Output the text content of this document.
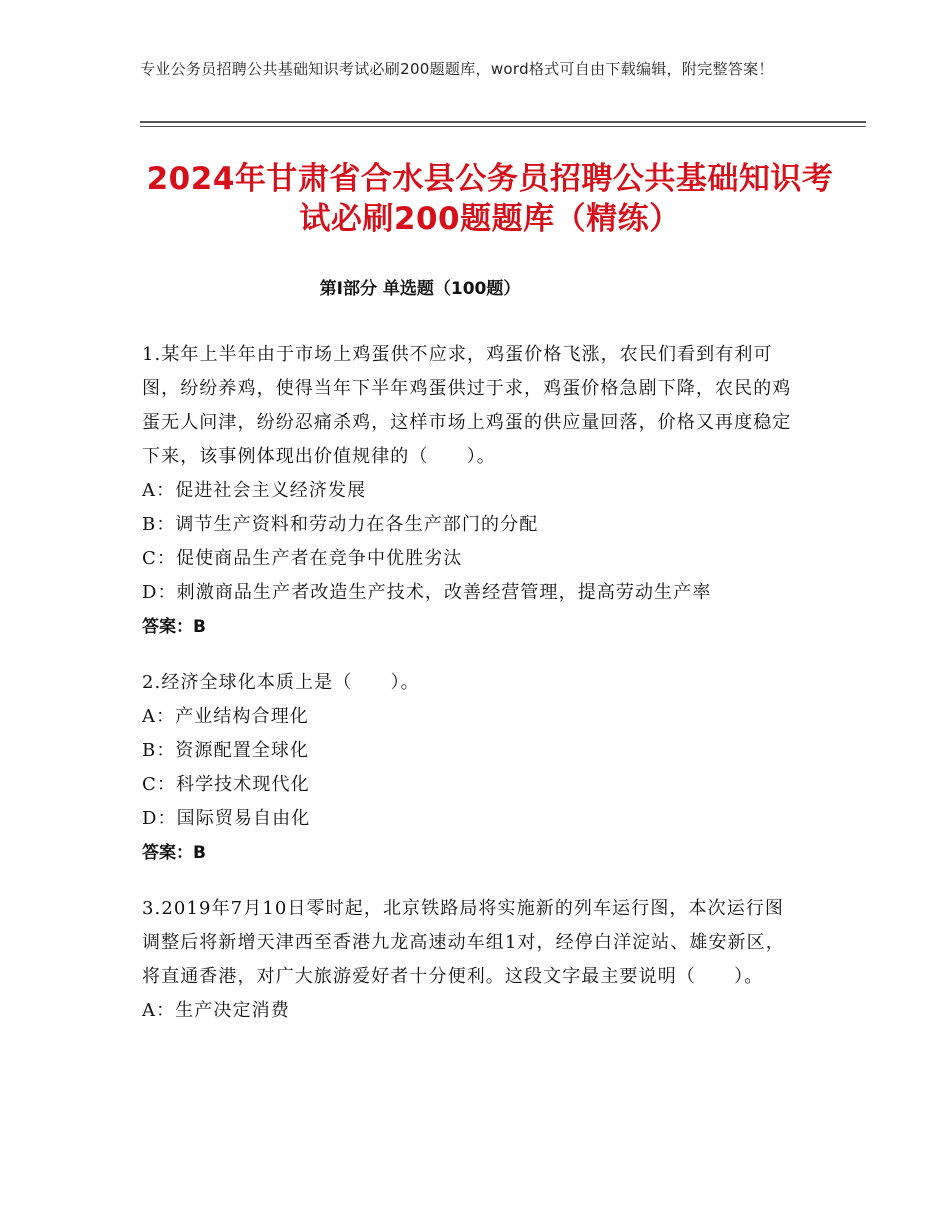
专业公务员招聘公共基础知识考试必刷200题题库，word格式可自由下载编辑，附完整答案！
2024年甘肃省合水县公务员招聘公共基础知识考试必刷200题题库（精练）
第Ⅰ部分 单选题（100题）

1.某年上半年由于市场上鸡蛋供不应求，鸡蛋价格飞涨，农民们看到有利可图，纷纷养鸡，使得当年下半年鸡蛋供过于求，鸡蛋价格急剧下降，农民的鸡蛋无人问津，纷纷忍痛杀鸡，这样市场上鸡蛋的供应量回落，价格又再度稳定下来，该事例体现出价值规律的（　　）。

A：促进社会主义经济发展

B：调节生产资料和劳动力在各生产部门的分配

C：促使商品生产者在竞争中优胜劣汰

D：刺激商品生产者改造生产技术，改善经营管理，提高劳动生产率

答案：B

2.经济全球化本质上是（　　）。

A：产业结构合理化

B：资源配置全球化

C：科学技术现代化

D：国际贸易自由化

答案：B

3.2019年7月10日零时起，北京铁路局将实施新的列车运行图，本次运行图调整后将新增天津西至香港九龙高速动车组1对，经停白洋淀站、雄安新区，将直通香港，对广大旅游爱好者十分便利。这段文字最主要说明（　　）。

A：生产决定消费
